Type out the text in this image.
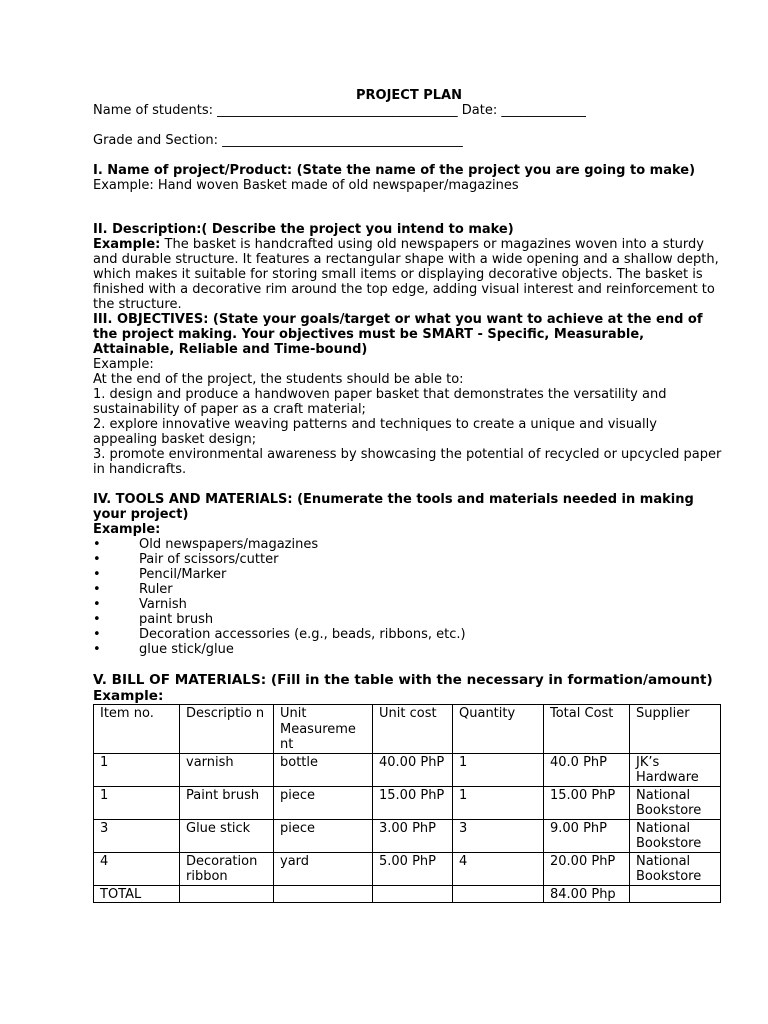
PROJECT PLAN
Name of students: _____________________________________ Date: _____________
Grade and Section: _____________________________________
I. Name of project/Product: (State the name of the project you are going to make)
Example: Hand woven Basket made of old newspaper/magazines
II. Description:( Describe the project you intend to make)
Example: The basket is handcrafted using old newspapers or magazines woven into a sturdy and durable structure. It features a rectangular shape with a wide opening and a shallow depth, which makes it suitable for storing small items or displaying decorative objects. The basket is finished with a decorative rim around the top edge, adding visual interest and reinforcement to the structure.
III. OBJECTIVES: (State your goals/target or what you want to achieve at the end of the project making. Your objectives must be SMART - Specific, Measurable, Attainable, Reliable and Time-bound)
Example:
At the end of the project, the students should be able to:
1. design and produce a handwoven paper basket that demonstrates the versatility and sustainability of paper as a craft material;
2. explore innovative weaving patterns and techniques to create a unique and visually appealing basket design;
3. promote environmental awareness by showcasing the potential of recycled or upcycled paper in handicrafts.
IV. TOOLS AND MATERIALS: (Enumerate the tools and materials needed in making your project)
Example:
•	Old newspapers/magazines
•	Pair of scissors/cutter
•	Pencil/Marker
•	Ruler
•	Varnish
•	paint brush
•	Decoration accessories (e.g., beads, ribbons, etc.)
•	glue stick/glue
V. BILL OF MATERIALS: (Fill in the table with the necessary in formation/amount)
Example:
Item no.	Descriptio n	Unit Measureme nt	Unit cost	Quantity	Total Cost	Supplier
1	varnish	bottle	40.00 PhP	1	40.0 PhP	JK’s Hardware
1	Paint brush	piece	15.00 PhP	1	15.00 PhP	National Bookstore
3	Glue stick	piece	3.00 PhP	3	9.00 PhP	National Bookstore
4	Decoration ribbon	yard	5.00 PhP	4	20.00 PhP	National Bookstore
TOTAL					84.00 Php	
